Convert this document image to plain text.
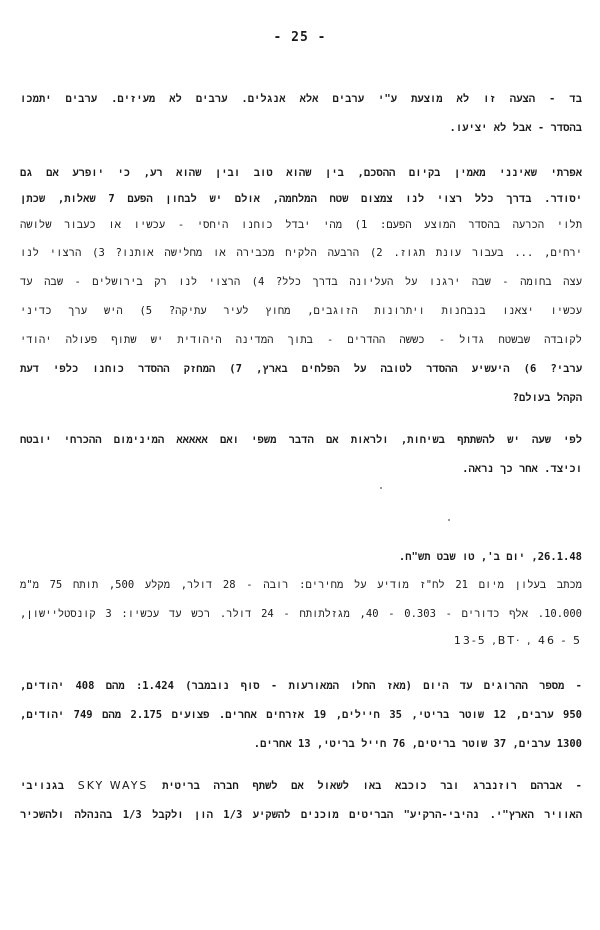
- 25 -
בד - הצעה זו לא מוצעת ע"י ערבים אלא אנגלים. ערבים לא מעיזים. ערבים יתמכו
בהסדר - אבל לא יציעו.
אפרתי שאינני מאמין בקיום ההסכם, בין שהוא טוב ובין שהוא רע, כי יופרע אם גם
יסודר. בדרך כלל רצוי לנו צמצום שטח המלחמה, אולם יש לבחון הפעם 7 שאלות, שכתן
תלוי הכרעה בהסדר המוצע הפעם: 1) מהי יבדל כוחנו היחסי - עכשיו או כעבור שלושה
ירחים, ... בעבור עונת תגוז. 2) הרבעה הלקיח מכבירה או מחלישה אותנו? 3) הרצוי לנו
עצה בחומה - שבה ירגנו על העליונה בדרך כלל? 4) הרצוי לנו רק בירושלים - שבה עד
עכשיו יצאנו בנבחנות ויתרונות הזוגבים, מחוץ לעיר עתיקה? 5) היש ערך כדיני
לקובדה שבשטח גדול - כששה ההדרים - בתוך המדינה היהודית יש שתוף פעולה יהודי
ערבי? 6) היעשיע ההסדר לטובה על הפלחים בארץ, 7) המחזק ההסדר כוחנו כלפי דעת
הקהל בעולם?
לפי שעה יש להשתתף בשיחות, ולראות אם הדבר משפי ואם אאאאא המינימום ההכרחי יובטח
וכיצד. אחר כך נראה.
26.1.48, יום ב', טו שבט תש"ח.
מכתב בעלון מיום 21 לח"ז מודיע על מחירים: רובה - 28 דולר, מקלע 500, תותח 75 מ"מ
10.000. אלף כדורים - 0.303 - 40, מגזלתותח - 24 דולר. רכש עד עכשיו: 3 קונסטליישון,
13-5 ,BT· , 46 - 5
- מספר ההרוגים עד היום (מאז החלו המאורעות - סוף נובמבר) 1.424: מהם 408 יהודים,
950 ערבים, 12 שוטר בריטי, 35 חיילים, 19 אזרחים אחרים. פצועים 2.175 מהם 749 יהודים,
1300 ערבים, 37 שוטר בריטים, 76 חייל בריטי, 13 אחרים.
- אברהם רוזנברג ובר כוכבא באו לשאול אם לשתף חברה בריטית SKY WAYS בגנויבי
האוויר הארץ"י. נהיבי-הרקיע" הבריטים מוכנים להשקיע 1/3 הון ולקבל 1/3 בהנהלה ולהשכיר
